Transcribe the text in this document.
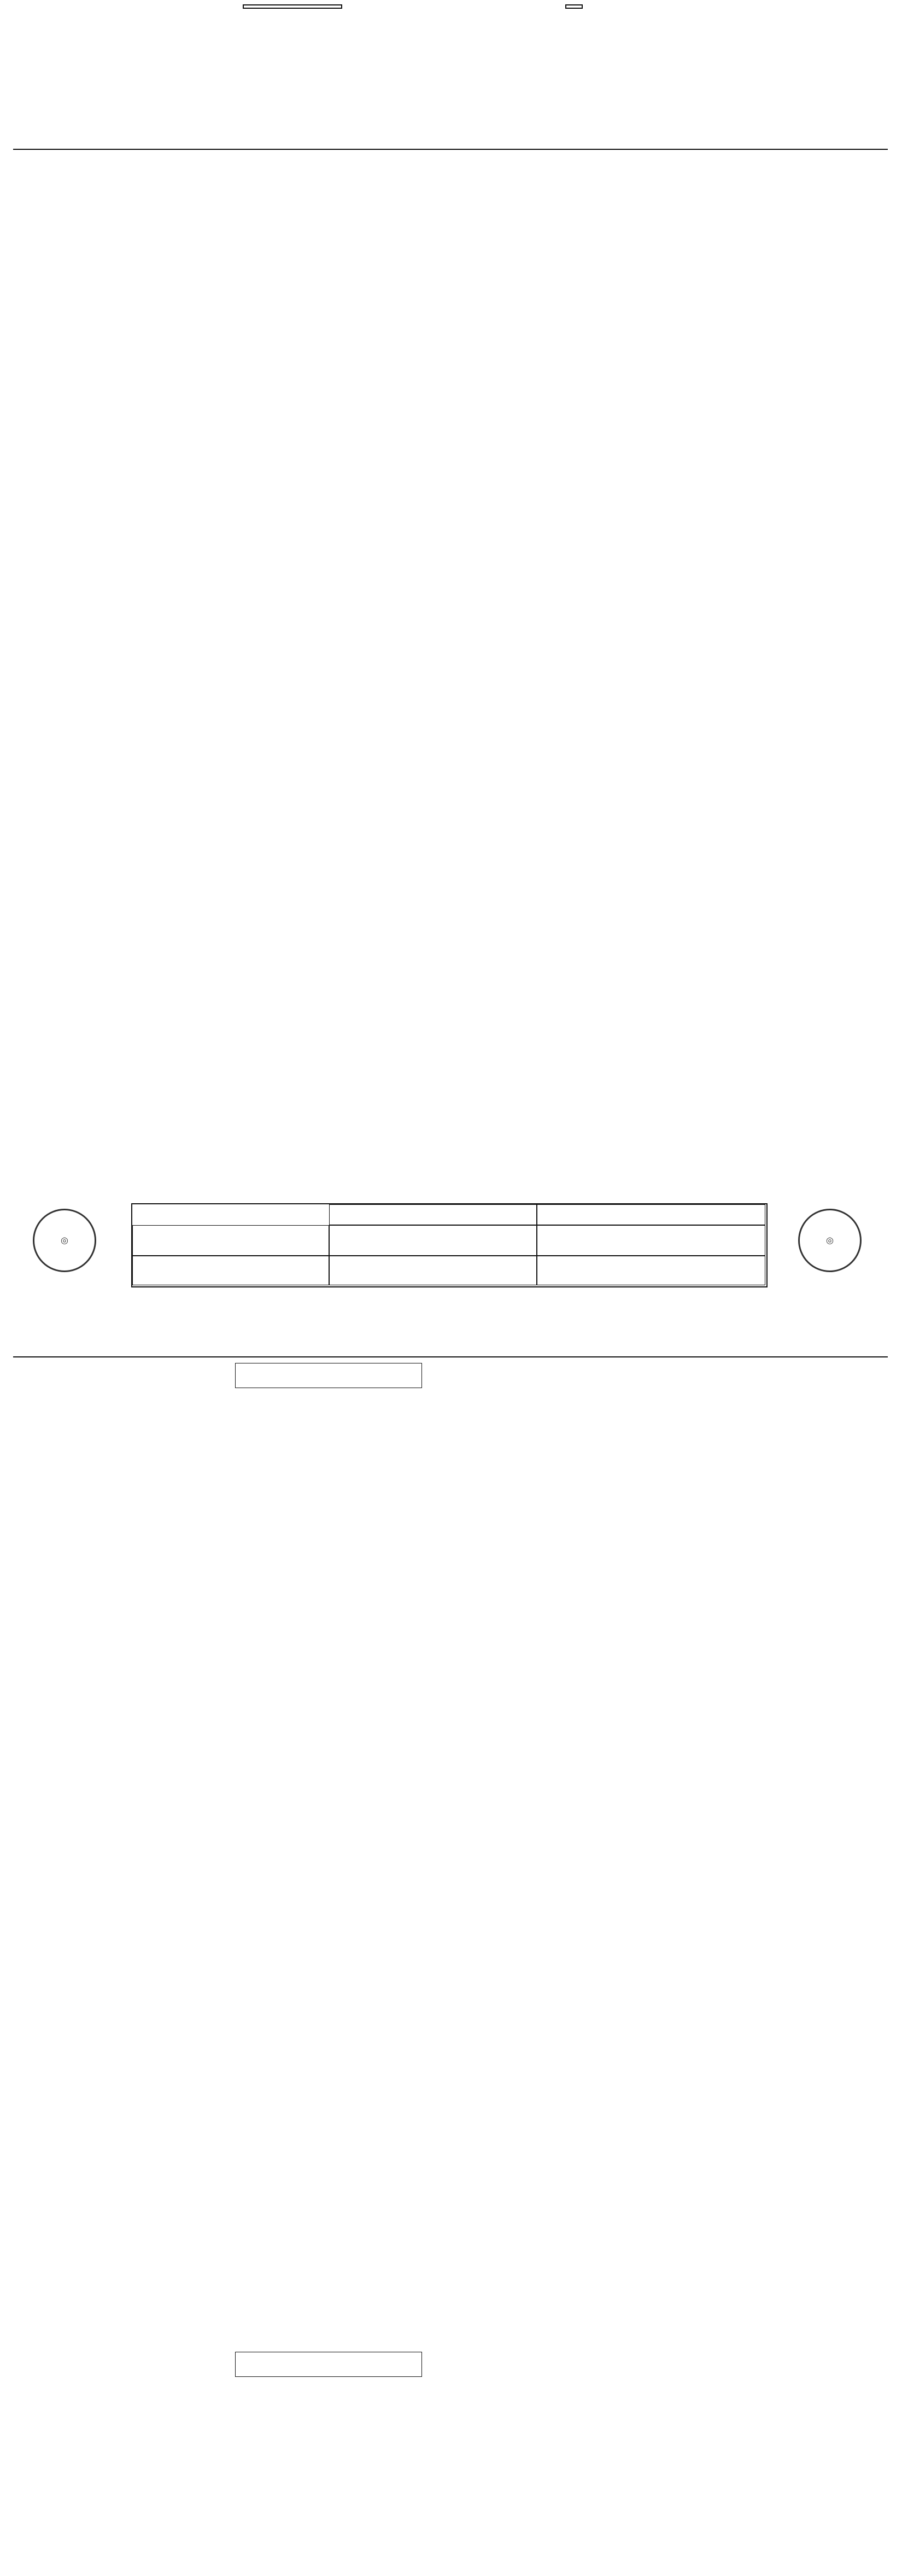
◎	◎
